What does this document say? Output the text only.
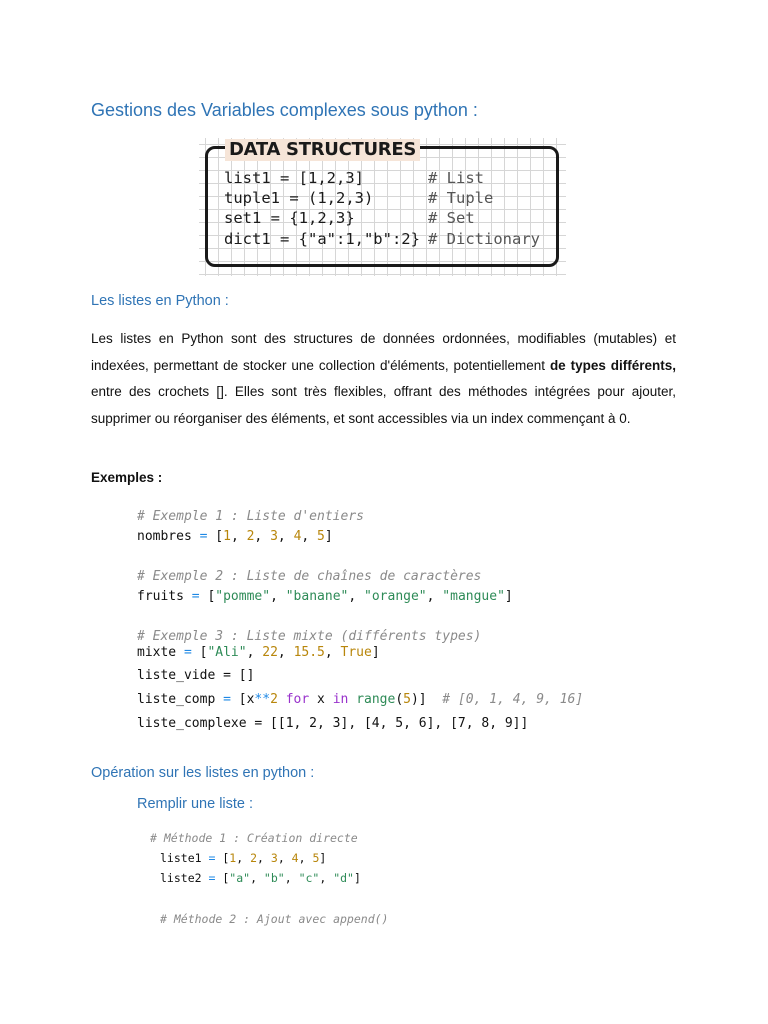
Gestions des Variables complexes sous python :
DATA STRUCTURES
list1 = [1,2,3]	# List
tuple1 = (1,2,3)	# Tuple
set1 = {1,2,3}	# Set
dict1 = {"a":1,"b":2} # Dictionary
Les listes en Python :
Les listes en Python sont des structures de données ordonnées, modifiables (mutables) et indexées, permettant de stocker une collection d'éléments, potentiellement de types différents, entre des crochets []. Elles sont très flexibles, offrant des méthodes intégrées pour ajouter, supprimer ou réorganiser des éléments, et sont accessibles via un index commençant à 0.
Exemples :
# Exemple 1 : Liste d'entiers
nombres = [1, 2, 3, 4, 5]
# Exemple 2 : Liste de chaînes de caractères
fruits = ["pomme", "banane", "orange", "mangue"]
# Exemple 3 : Liste mixte (différents types)
mixte = ["Ali", 22, 15.5, True]
liste_vide = []
liste_comp = [x**2 for x in range(5)]  # [0, 1, 4, 9, 16]
liste_complexe = [[1, 2, 3], [4, 5, 6], [7, 8, 9]]
Opération sur les listes en python :
Remplir une liste :
# Méthode 1 : Création directe
liste1 = [1, 2, 3, 4, 5]
liste2 = ["a", "b", "c", "d"]
# Méthode 2 : Ajout avec append()
